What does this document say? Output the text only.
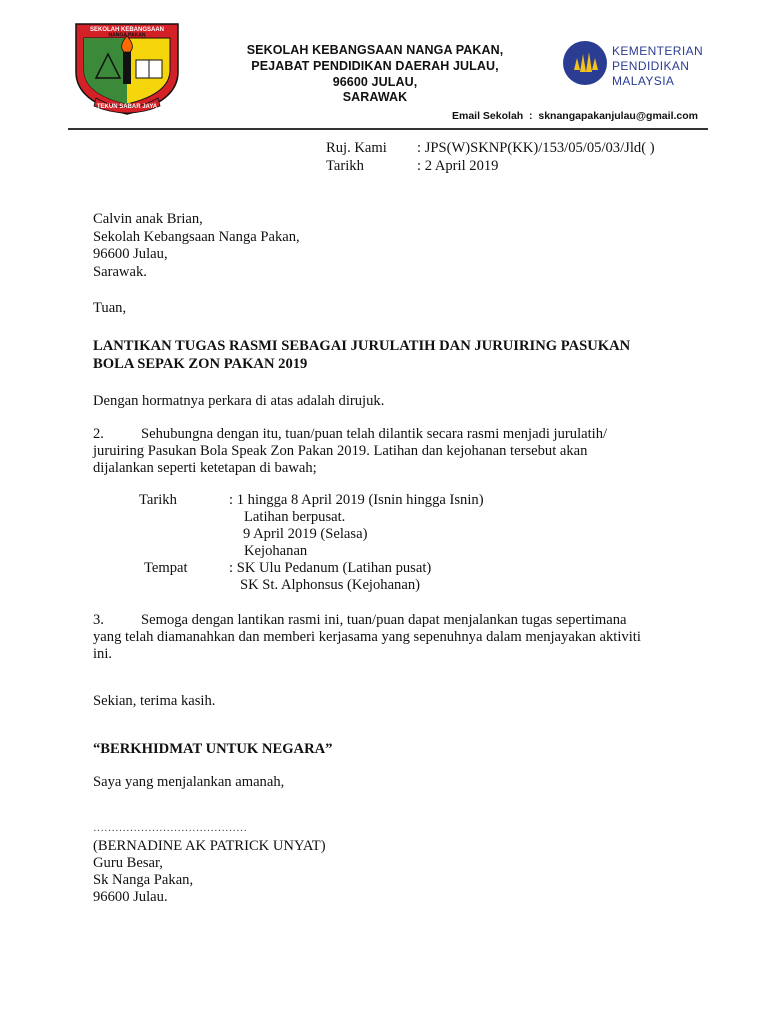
SEKOLAH KEBANGSAAN
NANGA PAKAN
TEKUN SABAR JAYA
SEKOLAH KEBANGSAAN NANGA PAKAN,
PEJABAT PENDIDIKAN DAERAH JULAU,
96600 JULAU,
SARAWAK
KEMENTERIAN
PENDIDIKAN
MALAYSIA
Email Sekolah  :  sknangapakanjulau@gmail.com
Ruj. Kami : JPS(W)SKNP(KK)/153/05/05/03/Jld( )
Tarikh	: 2 April 2019
Calvin anak Brian,
Sekolah Kebangsaan Nanga Pakan,
96600 Julau,
Sarawak.
Tuan,
LANTIKAN TUGAS RASMI SEBAGAI JURULATIH DAN JURUIRING PASUKAN
BOLA SEPAK ZON PAKAN 2019
Dengan hormatnya perkara di atas adalah dirujuk.
2.	Sehubungna dengan itu, tuan/puan telah dilantik secara rasmi menjadi jurulatih/
juruiring Pasukan Bola Speak Zon Pakan 2019. Latihan dan kejohanan tersebut akan
dijalankan seperti ketetapan di bawah;
Tarikh	: 1 hingga 8 April 2019 (Isnin hingga Isnin)
Latihan berpusat.
9 April 2019 (Selasa)
Kejohanan
Tempat	: SK Ulu Pedanum (Latihan pusat)
SK St. Alphonsus (Kejohanan)
3.	Semoga dengan lantikan rasmi ini, tuan/puan dapat menjalankan tugas sepertimana
yang telah diamanahkan dan memberi kerjasama yang sepenuhnya dalam menjayakan aktiviti
ini.
Sekian, terima kasih.
“BERKHIDMAT UNTUK NEGARA”
Saya yang menjalankan amanah,
……………………………………
(BERNADINE AK PATRICK UNYAT)
Guru Besar,
Sk Nanga Pakan,
96600 Julau.
